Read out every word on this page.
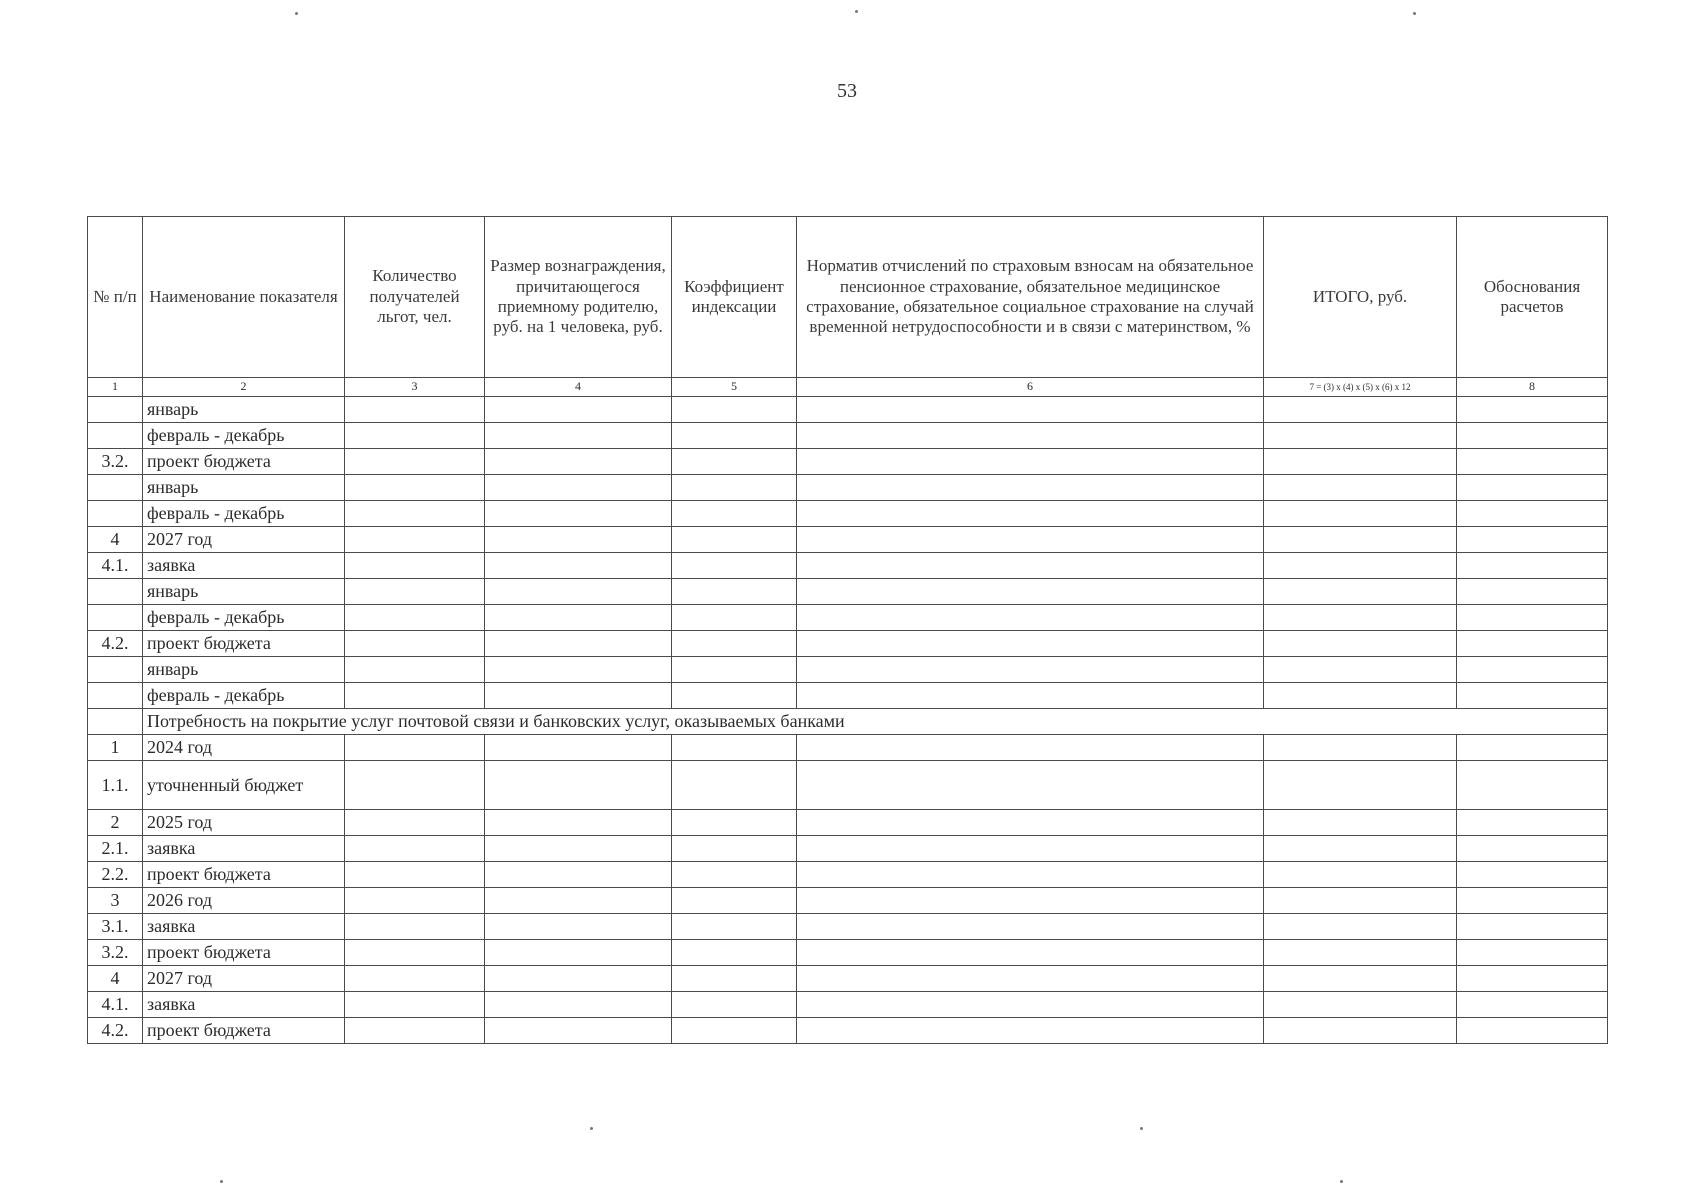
53
№ п/п	Наименование показателя	Количество получателей льгот, чел.	Размер вознаграждения, причитающегося приемному родителю, руб. на 1 человека, руб.	Коэффициент индексации	Норматив отчислений по страховым взносам на обязательное пенсионное страхование, обязательное медицинское страхование, обязательное социальное страхование на случай временной нетрудоспособности и в связи с материнством, %	ИТОГО, руб.	Обоснования расчетов
1	2	3	4	5	6	7 = (3) x (4) x (5) x (6) x 12	8
	январь						
	февраль - декабрь						
3.2.	проект бюджета						
	январь						
	февраль - декабрь						
4	2027 год						
4.1.	заявка						
	январь						
	февраль - декабрь						
4.2.	проект бюджета						
	январь						
	февраль - декабрь						
	Потребность на покрытие услуг почтовой связи и банковских услуг, оказываемых банками						
1	2024 год						
1.1.	уточненный бюджет						
2	2025 год						
2.1.	заявка						
2.2.	проект бюджета						
3	2026 год						
3.1.	заявка						
3.2.	проект бюджета						
4	2027 год						
4.1.	заявка						
4.2.	проект бюджета						
